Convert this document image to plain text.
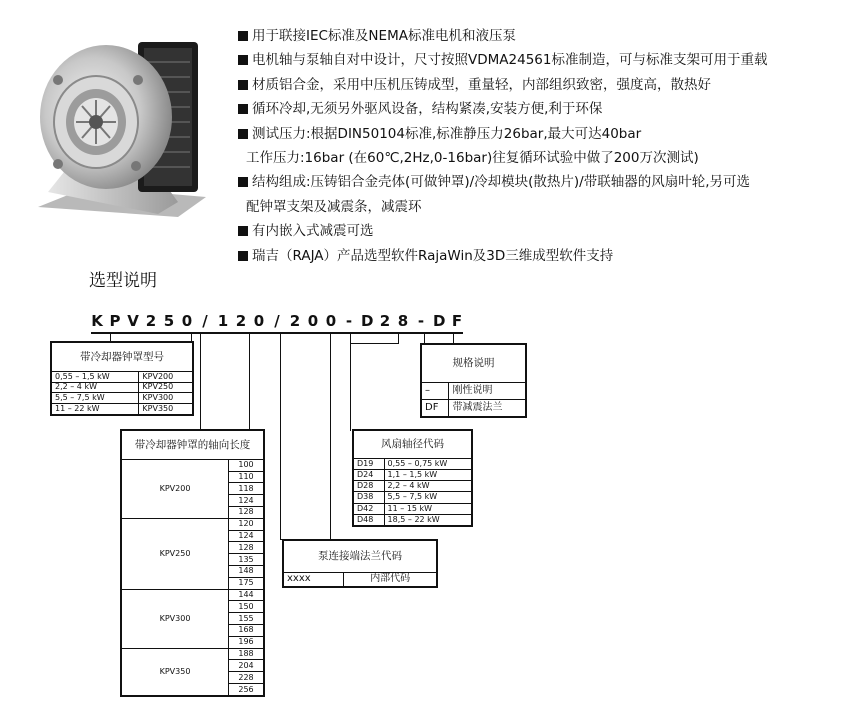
用于联接IEC标准及NEMA标准电机和液压泵
电机轴与泵轴自对中设计，尺寸按照VDMA24561标准制造，可与标准支架可用于重载
材质铝合金，采用中压机压铸成型，重量轻，内部组织致密，强度高，散热好
循环冷却,无须另外驱风设备，结构紧凑,安装方便,利于环保
测试压力:根据DIN50104标准,标准静压力26bar,最大可达40bar
工作压力:16bar (在60℃,2Hz,0-16bar)往复循环试验中做了200万次测试)
结构组成:压铸铝合金壳体(可做钟罩)/冷却模块(散热片)/带联轴器的风扇叶轮,另可选
配钟罩支架及减震条，减震环
有内嵌入式减震可选
瑞吉（RAJA）产品选型软件RajaWin及3D三维成型软件支持
选型说明
K P V 2 5 0 / 1 2 0 / 2 0 0 - D 2 8 - D F
带冷却器钟罩型号	
0,55 – 1,5 kW	KPV200
2,2 – 4 kW	KPV250
5,5 – 7,5 kW	KPV300
11 – 22 kW	KPV350
带冷却器钟罩的轴向长度	
KPV200	100
	110
	118
	124
	128
KPV250	120
	124
	128
	135
	148
	175
KPV300	144
	150
	155
	168
	196
KPV350	188
	204
	228
	256
泵连接端法兰代码
xxxx	内部代码
风扇轴径代码	
D19	0,55 – 0,75 kW
D24	1,1 – 1,5 kW
D28	2,2 – 4 kW
D38	5,5 – 7,5 kW
D42	11 – 15 kW
D48	18,5 – 22 kW
规格说明	
–	刚性说明
DF	带减震法兰
